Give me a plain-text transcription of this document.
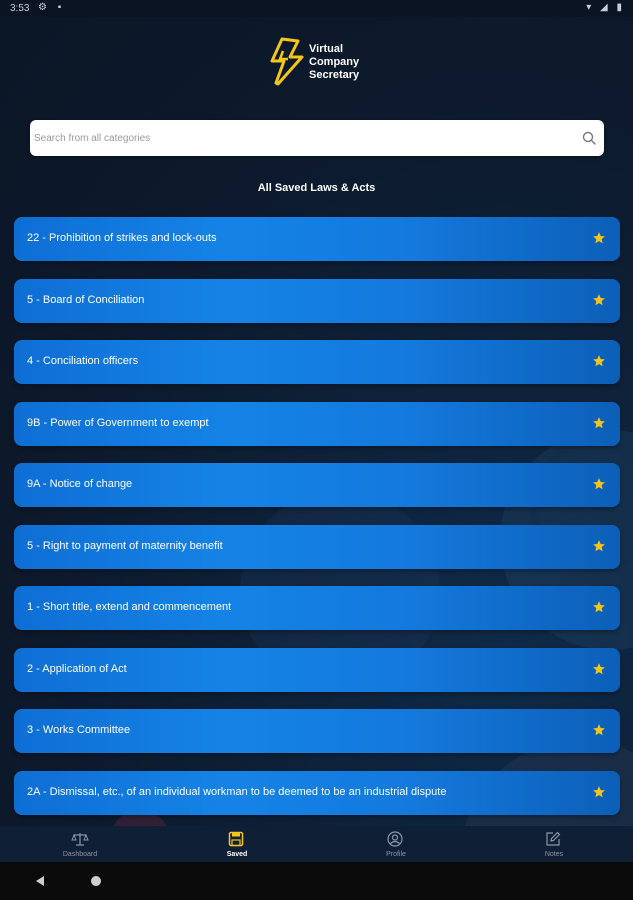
3:53 ⚙ ▪	▾ ◢ ▮
Virtual
Company
Secretary
Search from all categories
All Saved Laws & Acts
22 - Prohibition of strikes and lock-outs
5 - Board of Conciliation
4 - Conciliation officers
9B - Power of Government to exempt
9A - Notice of change
5 - Right to payment of maternity benefit
1 - Short title, extend and commencement
2 - Application of Act
3 - Works Committee
2A - Dismissal, etc., of an individual workman to be deemed to be an industrial dispute
Dashboard	Saved	Profile	Notes
